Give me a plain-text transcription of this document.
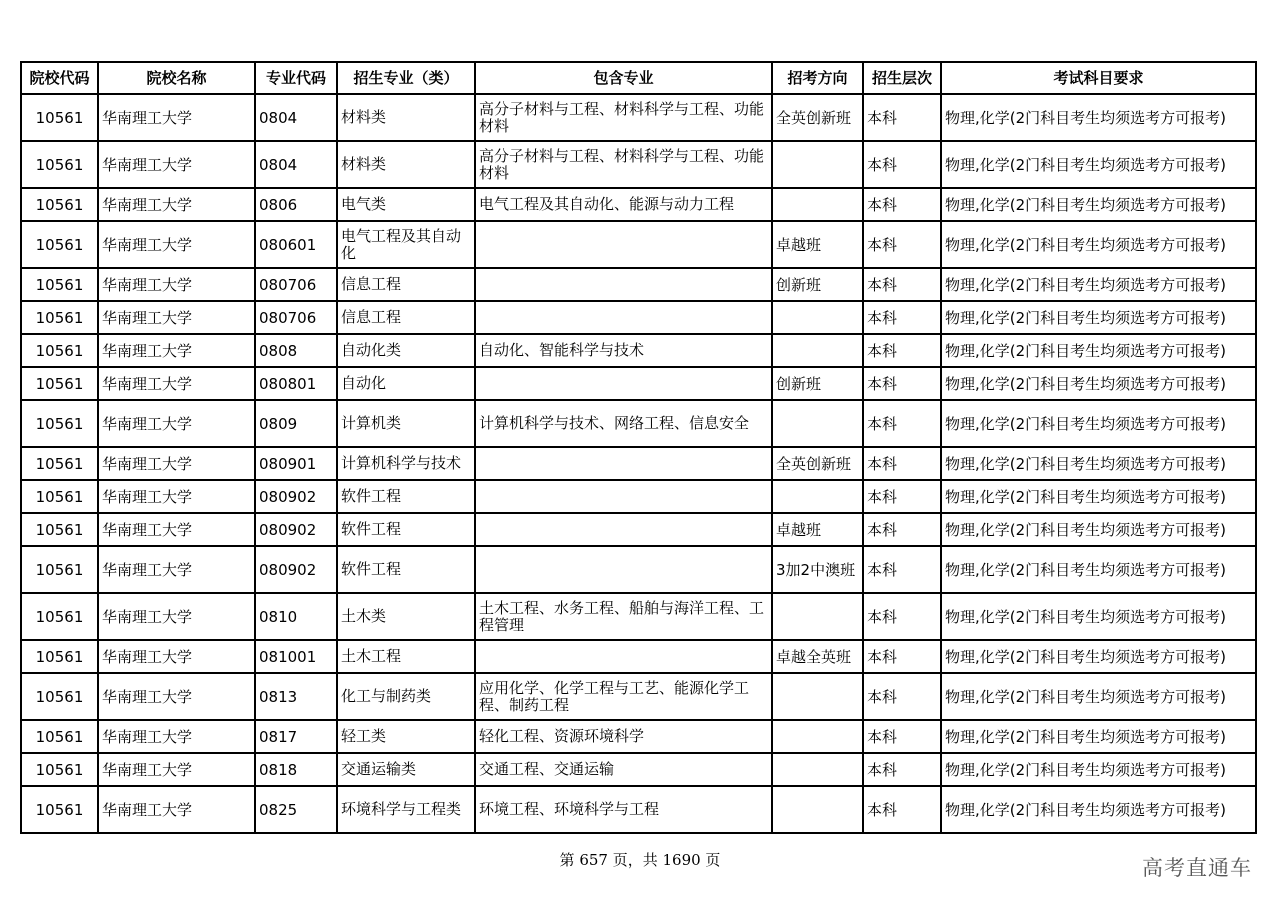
院校代码	院校名称	专业代码	招生专业（类）	包含专业	招考方向	招生层次	考试科目要求
10561	华南理工大学	0804	材料类	高分子材料与工程、材料科学与工程、功能材料	全英创新班	本科	物理,化学(2门科目考生均须选考方可报考)
10561	华南理工大学	0804	材料类	高分子材料与工程、材料科学与工程、功能材料		本科	物理,化学(2门科目考生均须选考方可报考)
10561	华南理工大学	0806	电气类	电气工程及其自动化、能源与动力工程		本科	物理,化学(2门科目考生均须选考方可报考)
10561	华南理工大学	080601	电气工程及其自动化		卓越班	本科	物理,化学(2门科目考生均须选考方可报考)
10561	华南理工大学	080706	信息工程		创新班	本科	物理,化学(2门科目考生均须选考方可报考)
10561	华南理工大学	080706	信息工程			本科	物理,化学(2门科目考生均须选考方可报考)
10561	华南理工大学	0808	自动化类	自动化、智能科学与技术		本科	物理,化学(2门科目考生均须选考方可报考)
10561	华南理工大学	080801	自动化		创新班	本科	物理,化学(2门科目考生均须选考方可报考)
10561	华南理工大学	0809	计算机类	计算机科学与技术、网络工程、信息安全		本科	物理,化学(2门科目考生均须选考方可报考)
10561	华南理工大学	080901	计算机科学与技术		全英创新班	本科	物理,化学(2门科目考生均须选考方可报考)
10561	华南理工大学	080902	软件工程			本科	物理,化学(2门科目考生均须选考方可报考)
10561	华南理工大学	080902	软件工程		卓越班	本科	物理,化学(2门科目考生均须选考方可报考)
10561	华南理工大学	080902	软件工程		3加2中澳班	本科	物理,化学(2门科目考生均须选考方可报考)
10561	华南理工大学	0810	土木类	土木工程、水务工程、船舶与海洋工程、工程管理		本科	物理,化学(2门科目考生均须选考方可报考)
10561	华南理工大学	081001	土木工程		卓越全英班	本科	物理,化学(2门科目考生均须选考方可报考)
10561	华南理工大学	0813	化工与制药类	应用化学、化学工程与工艺、能源化学工程、制药工程		本科	物理,化学(2门科目考生均须选考方可报考)
10561	华南理工大学	0817	轻工类	轻化工程、资源环境科学		本科	物理,化学(2门科目考生均须选考方可报考)
10561	华南理工大学	0818	交通运输类	交通工程、交通运输		本科	物理,化学(2门科目考生均须选考方可报考)
10561	华南理工大学	0825	环境科学与工程类	环境工程、环境科学与工程		本科	物理,化学(2门科目考生均须选考方可报考)
第 657 页，共 1690 页	高考直通车
